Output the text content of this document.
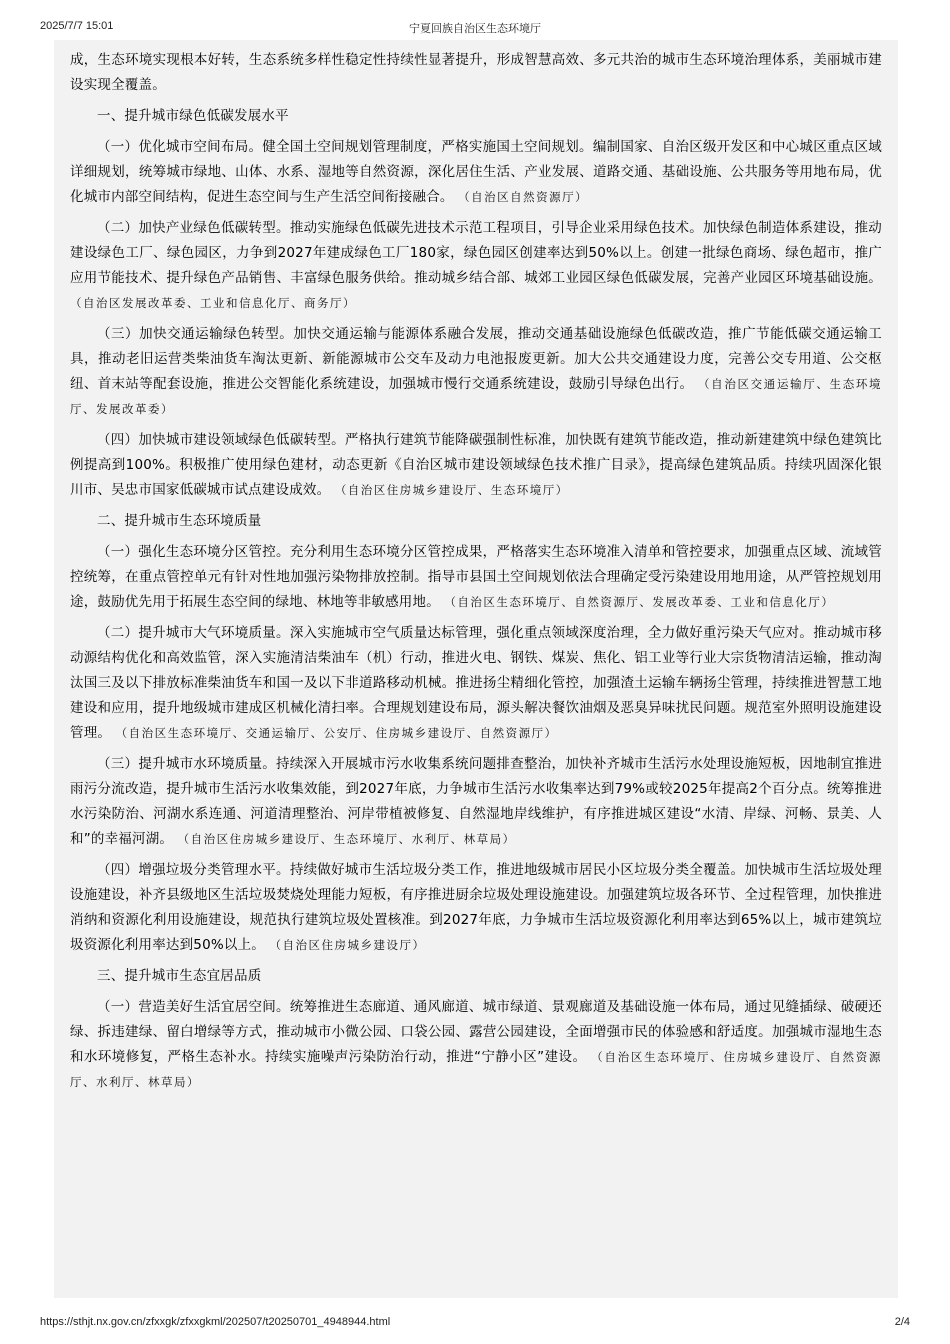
2025/7/7 15:01	宁夏回族自治区生态环境厅

成，生态环境实现根本好转，生态系统多样性稳定性持续性显著提升，形成智慧高效、多元共治的城市生态环境治理体系，美丽城市建设实现全覆盖。

一、提升城市绿色低碳发展水平

（一）优化城市空间布局。健全国土空间规划管理制度，严格实施国土空间规划。编制国家、自治区级开发区和中心城区重点区域详细规划，统筹城市绿地、山体、水系、湿地等自然资源，深化居住生活、产业发展、道路交通、基础设施、公共服务等用地布局，优化城市内部空间结构，促进生态空间与生产生活空间衔接融合。 （自治区自然资源厅）

（二）加快产业绿色低碳转型。推动实施绿色低碳先进技术示范工程项目，引导企业采用绿色技术。加快绿色制造体系建设，推动建设绿色工厂、绿色园区，力争到2027年建成绿色工厂180家，绿色园区创建率达到50%以上。创建一批绿色商场、绿色超市，推广应用节能技术、提升绿色产品销售、丰富绿色服务供给。推动城乡结合部、城郊工业园区绿色低碳发展，完善产业园区环境基础设施。 （自治区发展改革委、工业和信息化厅、商务厅）

（三）加快交通运输绿色转型。加快交通运输与能源体系融合发展，推动交通基础设施绿色低碳改造，推广节能低碳交通运输工具，推动老旧运营类柴油货车淘汰更新、新能源城市公交车及动力电池报废更新。加大公共交通建设力度，完善公交专用道、公交枢纽、首末站等配套设施，推进公交智能化系统建设，加强城市慢行交通系统建设，鼓励引导绿色出行。 （自治区交通运输厅、生态环境厅、发展改革委）

（四）加快城市建设领域绿色低碳转型。严格执行建筑节能降碳强制性标准，加快既有建筑节能改造，推动新建建筑中绿色建筑比例提高到100%。积极推广使用绿色建材，动态更新《自治区城市建设领域绿色技术推广目录》，提高绿色建筑品质。持续巩固深化银川市、吴忠市国家低碳城市试点建设成效。 （自治区住房城乡建设厅、生态环境厅）

二、提升城市生态环境质量

（一）强化生态环境分区管控。充分利用生态环境分区管控成果，严格落实生态环境准入清单和管控要求，加强重点区域、流域管控统筹，在重点管控单元有针对性地加强污染物排放控制。指导市县国土空间规划依法合理确定受污染建设用地用途，从严管控规划用途，鼓励优先用于拓展生态空间的绿地、林地等非敏感用地。 （自治区生态环境厅、自然资源厅、发展改革委、工业和信息化厅）

（二）提升城市大气环境质量。深入实施城市空气质量达标管理，强化重点领域深度治理，全力做好重污染天气应对。推动城市移动源结构优化和高效监管，深入实施清洁柴油车（机）行动，推进火电、钢铁、煤炭、焦化、铝工业等行业大宗货物清洁运输，推动淘汰国三及以下排放标准柴油货车和国一及以下非道路移动机械。推进扬尘精细化管控，加强渣土运输车辆扬尘管理，持续推进智慧工地建设和应用，提升地级城市建成区机械化清扫率。合理规划建设布局，源头解决餐饮油烟及恶臭异味扰民问题。规范室外照明设施建设管理。 （自治区生态环境厅、交通运输厅、公安厅、住房城乡建设厅、自然资源厅）

（三）提升城市水环境质量。持续深入开展城市污水收集系统问题排查整治，加快补齐城市生活污水处理设施短板，因地制宜推进雨污分流改造，提升城市生活污水收集效能，到2027年底，力争城市生活污水收集率达到79%或较2025年提高2个百分点。统筹推进水污染防治、河湖水系连通、河道清理整治、河岸带植被修复、自然湿地岸线维护，有序推进城区建设“水清、岸绿、河畅、景美、人和”的幸福河湖。 （自治区住房城乡建设厅、生态环境厅、水利厅、林草局）

（四）增强垃圾分类管理水平。持续做好城市生活垃圾分类工作，推进地级城市居民小区垃圾分类全覆盖。加快城市生活垃圾处理设施建设，补齐县级地区生活垃圾焚烧处理能力短板，有序推进厨余垃圾处理设施建设。加强建筑垃圾各环节、全过程管理，加快推进消纳和资源化利用设施建设，规范执行建筑垃圾处置核准。到2027年底，力争城市生活垃圾资源化利用率达到65%以上，城市建筑垃圾资源化利用率达到50%以上。 （自治区住房城乡建设厅）

三、提升城市生态宜居品质

（一）营造美好生活宜居空间。统筹推进生态廊道、通风廊道、城市绿道、景观廊道及基础设施一体布局，通过见缝插绿、破硬还绿、拆违建绿、留白增绿等方式，推动城市小微公园、口袋公园、露营公园建设，全面增强市民的体验感和舒适度。加强城市湿地生态和水环境修复，严格生态补水。持续实施噪声污染防治行动，推进“宁静小区”建设。 （自治区生态环境厅、住房城乡建设厅、自然资源厅、水利厅、林草局）

https://sthjt.nx.gov.cn/zfxxgk/zfxxgkml/202507/t20250701_4948944.html	2/4
